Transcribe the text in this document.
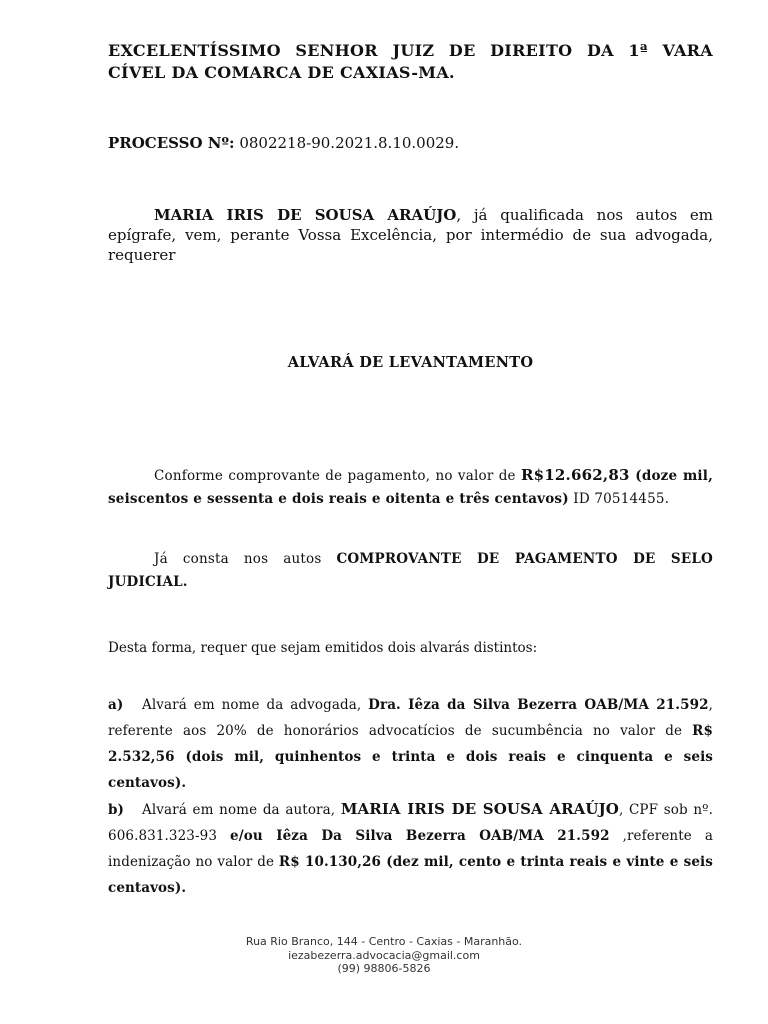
EXCELENTÍSSIMO SENHOR JUIZ DE DIREITO DA 1ª VARA CÍVEL DA COMARCA DE CAXIAS-MA.
PROCESSO Nº: 0802218-90.2021.8.10.0029.
MARIA IRIS DE SOUSA ARAÚJO, já qualificada nos autos em epígrafe, vem, perante Vossa Excelência, por intermédio de sua advogada, requerer
ALVARÁ DE LEVANTAMENTO
Conforme comprovante de pagamento, no valor de R$12.662,83 (doze mil, seiscentos e sessenta e dois reais e oitenta e três centavos) ID 70514455.
Já consta nos autos COMPROVANTE DE PAGAMENTO DE SELO JUDICIAL.
Desta forma, requer que sejam emitidos dois alvarás distintos:

a) Alvará em nome da advogada, Dra. Iêza da Silva Bezerra OAB/MA 21.592, referente aos 20% de honorários advocatícios de sucumbência no valor de R$ 2.532,56 (dois mil, quinhentos e trinta e dois reais e cinquenta e seis centavos).

b) Alvará em nome da autora, MARIA IRIS DE SOUSA ARAÚJO, CPF sob nº. 606.831.323-93 e/ou Iêza Da Silva Bezerra OAB/MA 21.592 ,referente a indenização no valor de R$ 10.130,26 (dez mil, cento e trinta reais e vinte e seis centavos).

Rua Rio Branco, 144 - Centro - Caxias - Maranhão.
iezabezerra.advocacia@gmail.com
(99) 98806-5826
